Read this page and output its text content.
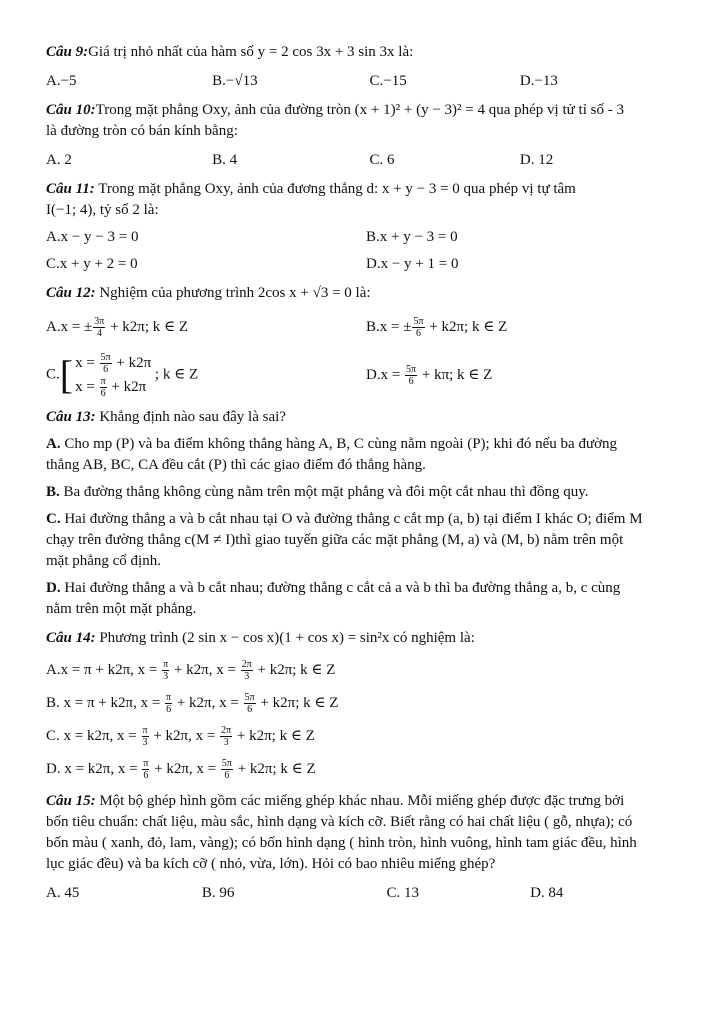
Câu 9:Giá trị nhỏ nhất của hàm số y = 2 cos 3x + 3 sin 3x là:

A.−5	B.−√13	C.−15	D.−13

Câu 10:Trong mặt phẳng Oxy, ảnh của đường tròn (x + 1)² + (y − 3)² = 4 qua phép vị tử tỉ số - 3

là đường tròn có bán kính bằng:

A. 2	B. 4	C. 6	D. 12

Câu 11: Trong mặt phẳng Oxy, ảnh của đương thẳng d: x + y − 3 = 0 qua phép vị tự tâm

I(−1; 4), tỷ số 2 là:

A.x − y − 3 = 0	B.x + y − 3 = 0
C.x + y + 2 = 0	D.x − y + 1 = 0

Câu 12: Nghiệm của phương trình 2cos x + √3 = 0 là:

A.x = ± $\frac{3\pi}{4} + k2\pi$; k ∈ Z	B.x = ± $\frac{5\pi}{6} + k2\pi$; k ∈ Z
C. [ $x = \frac{5\pi}{6} + k2\pi$
$x = \frac{\pi}{6} + k2\pi$
; k ∈ Z	$D.x = \frac{5\pi}{6} + k\pi$; k ∈ Z

Câu 13: Khẳng định nào sau đây là sai?

A. Cho mp (P) và ba điểm không thẳng hàng A, B, C cùng nằm ngoài (P); khi đó nếu ba đường
thẳng AB, BC, CA đều cắt (P) thì các giao điểm đó thẳng hàng.
B. Ba đường thẳng không cùng nằm trên một mặt phẳng và đôi một cắt nhau thì đồng quy.
C. Hai đường thẳng a và b cắt nhau tại O và đường thẳng c cắt mp (a, b) tại điểm I khác O; điểm M
chạy trên đường thẳng c(M ≠ I)thì giao tuyến giữa các mặt phẳng (M, a) và (M, b) nằm trên một
mặt phẳng cố định.
D. Hai đường thẳng a và b cắt nhau; đường thẳng c cắt cả a và b thì ba đường thẳng a, b, c cùng
nằm trên một mặt phẳng.

Câu 14: Phương trình (2 sin x − cos x)(1 + cos x) = sin²x có nghiệm là:

A.x = π + k2π, $x = \frac{\pi}{3} + k2\pi$, $x = \frac{2\pi}{3} + k2\pi$; k ∈ Z
B. x = π + k2π, $x = \frac{\pi}{6} + k2\pi$, $x = \frac{5\pi}{6} + k2\pi$; k ∈ Z
C. x = k2π, $x = \frac{\pi}{3} + k2\pi$, $x = \frac{2\pi}{3} + k2\pi$; k ∈ Z
D. x = k2π, $x = \frac{\pi}{6} + k2\pi$, $x = \frac{5\pi}{6} + k2\pi$; k ∈ Z

Câu 15: Một bộ ghép hình gồm các miếng ghép khác nhau. Mỗi miếng ghép được đặc trưng bởi

bốn tiêu chuẩn: chất liệu, màu sắc, hình dạng và kích cỡ. Biết rằng có hai chất liệu ( gỗ, nhựa); có

bốn màu ( xanh, đỏ, lam, vàng); có bốn hình dạng ( hình tròn, hình vuông, hình tam giác đều, hình

lục giác đều) và ba kích cỡ ( nhỏ, vừa, lớn). Hỏi có bao nhiêu miếng ghép?

A. 45	B. 96	C. 13	D. 84
